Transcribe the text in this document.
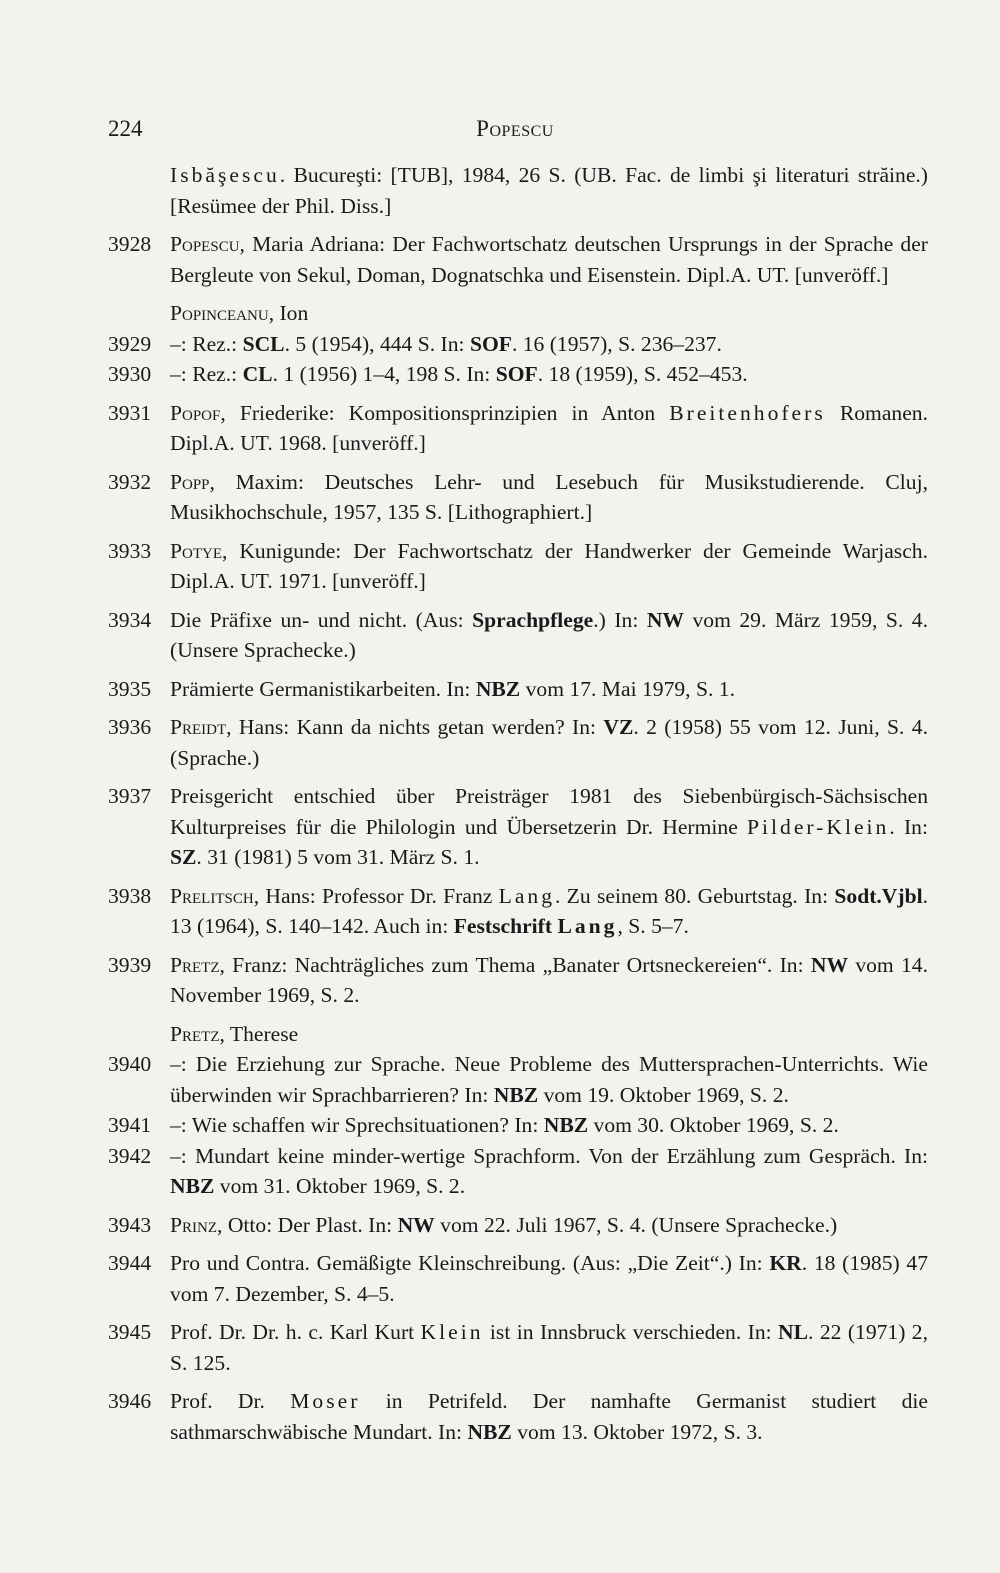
224	Popescu
Isbăşescu. Bucureşti: [TUB], 1984, 26 S. (UB. Fac. de limbi şi literaturi străine.) [Resümee der Phil. Diss.]
3928 Popescu, Maria Adriana: Der Fachwortschatz deutschen Ursprungs in der Sprache der Bergleute von Sekul, Doman, Dognatschka und Eisenstein. Dipl.A. UT. [unveröff.]
Popinceanu, Ion
3929 –: Rez.: SCL. 5 (1954), 444 S. In: SOF. 16 (1957), S. 236–237.
3930 –: Rez.: CL. 1 (1956) 1–4, 198 S. In: SOF. 18 (1959), S. 452–453.
3931 Popof, Friederike: Kompositionsprinzipien in Anton Breitenhofers Romanen. Dipl.A. UT. 1968. [unveröff.]
3932 Popp, Maxim: Deutsches Lehr- und Lesebuch für Musikstudierende. Cluj, Musikhochschule, 1957, 135 S. [Lithographiert.]
3933 Potye, Kunigunde: Der Fachwortschatz der Handwerker der Gemeinde Warjasch. Dipl.A. UT. 1971. [unveröff.]
3934 Die Präfixe un- und nicht. (Aus: Sprachpflege.) In: NW vom 29. März 1959, S. 4. (Unsere Sprachecke.)
3935 Prämierte Germanistikarbeiten. In: NBZ vom 17. Mai 1979, S. 1.
3936 Preidt, Hans: Kann da nichts getan werden? In: VZ. 2 (1958) 55 vom 12. Juni, S. 4. (Sprache.)
3937 Preisgericht entschied über Preisträger 1981 des Siebenbürgisch-Sächsischen Kulturpreises für die Philologin und Übersetzerin Dr. Hermine Pilder-Klein. In: SZ. 31 (1981) 5 vom 31. März S. 1.
3938 Prelitsch, Hans: Professor Dr. Franz Lang. Zu seinem 80. Geburtstag. In: Sodt.Vjbl. 13 (1964), S. 140–142. Auch in: Festschrift Lang, S. 5–7.
3939 Pretz, Franz: Nachträgliches zum Thema „Banater Ortsneckereien“. In: NW vom 14. November 1969, S. 2.
Pretz, Therese
3940 –: Die Erziehung zur Sprache. Neue Probleme des Muttersprachen-Unterrichts. Wie überwinden wir Sprachbarrieren? In: NBZ vom 19. Oktober 1969, S. 2.
3941 –: Wie schaffen wir Sprechsituationen? In: NBZ vom 30. Oktober 1969, S. 2.
3942 –: Mundart keine minder-wertige Sprachform. Von der Erzählung zum Gespräch. In: NBZ vom 31. Oktober 1969, S. 2.
3943 Prinz, Otto: Der Plast. In: NW vom 22. Juli 1967, S. 4. (Unsere Sprachecke.)
3944 Pro und Contra. Gemäßigte Kleinschreibung. (Aus: „Die Zeit“.) In: KR. 18 (1985) 47 vom 7. Dezember, S. 4–5.
3945 Prof. Dr. Dr. h. c. Karl Kurt Klein ist in Innsbruck verschieden. In: NL. 22 (1971) 2, S. 125.
3946 Prof. Dr. Moser in Petrifeld. Der namhafte Germanist studiert die sathmarschwäbische Mundart. In: NBZ vom 13. Oktober 1972, S. 3.
